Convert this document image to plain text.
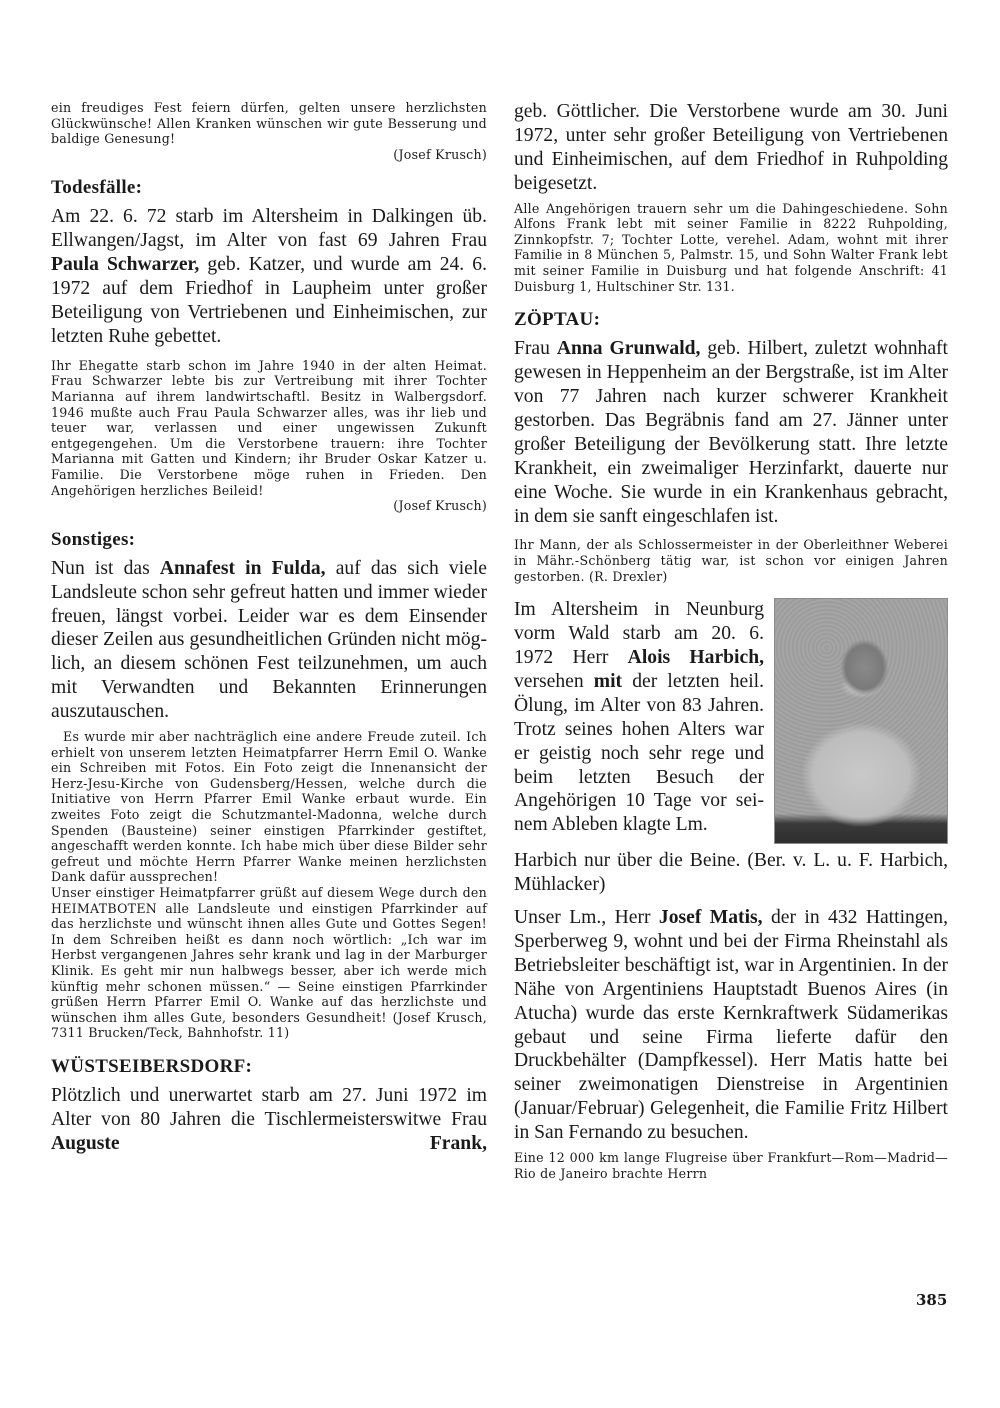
ein freudiges Fest feiern dürfen, gelten unsere herzlichsten Glückwünsche! Allen Kranken wünschen wir gute Besserung und baldige Genesung!

(Josef Krusch)

Todesfälle:

Am 22. 6. 72 starb im Altersheim in Dalkingen üb. Ellwangen/Jagst, im Alter von fast 69 Jahren Frau Paula Schwarzer, geb. Katzer, und wurde am 24. 6. 1972 auf dem Friedhof in Laupheim unter großer Beteiligung von Vertriebenen und Einheimischen, zur letzten Ruhe gebettet.

Ihr Ehegatte starb schon im Jahre 1940 in der alten Heimat. Frau Schwarzer lebte bis zur Vertreibung mit ihrer Tochter Marianna auf ihrem landwirtschaftl. Besitz in Walbergsdorf. 1946 mußte auch Frau Paula Schwarzer alles, was ihr lieb und teuer war, verlassen und einer ungewissen Zukunft entgegengehen. Um die Verstorbene trauern: ihre Tochter Marianna mit Gatten und Kindern; ihr Bruder Oskar Katzer u. Familie. Die Verstorbene möge ruhen in Frieden. Den Angehörigen herzliches Beileid!

(Josef Krusch)

Sonstiges:

Nun ist das Annafest in Fulda, auf das sich viele Landsleute schon sehr gefreut hatten und immer wieder freuen, längst vorbei. Leider war es dem Einsender dieser Zeilen aus gesundheitlichen Gründen nicht möglich, an diesem schönen Fest teilzunehmen, um auch mit Verwandten und Bekannten Erinnerungen auszutauschen.

Es wurde mir aber nachträglich eine andere Freude zuteil. Ich erhielt von unserem letzten Heimatpfarrer Herrn Emil O. Wanke ein Schreiben mit Fotos. Ein Foto zeigt die Innenansicht der Herz-Jesu-Kirche von Gudensberg/Hessen, welche durch die Initiative von Herrn Pfarrer Emil Wanke erbaut wurde. Ein zweites Foto zeigt die Schutzmantel-Madonna, welche durch Spenden (Bausteine) seiner einstigen Pfarrkinder gestiftet, angeschafft werden konnte. Ich habe mich über diese Bilder sehr gefreut und möchte Herrn Pfarrer Wanke meinen herzlichsten Dank dafür aussprechen!

Unser einstiger Heimatpfarrer grüßt auf diesem Wege durch den HEIMATBOTEN alle Landsleute und einstigen Pfarrkinder auf das herzlichste und wünscht ihnen alles Gute und Gottes Segen! In dem Schreiben heißt es dann noch wörtlich: „Ich war im Herbst vergangenen Jahres sehr krank und lag in der Marburger Klinik. Es geht mir nun halbwegs besser, aber ich werde mich künftig mehr schonen müssen.“ — Seine einstigen Pfarrkinder grüßen Herrn Pfarrer Emil O. Wanke auf das herzlichste und wünschen ihm alles Gute, besonders Gesundheit! (Josef Krusch, 7311 Brucken/Teck, Bahnhofstr. 11)

WÜSTSEIBERSDORF:

Plötzlich und unerwartet starb am 27. Juni 1972 im Alter von 80 Jahren die Tischlermeisterswitwe Frau Auguste Frank,

geb. Göttlicher. Die Verstorbene wurde am 30. Juni 1972, unter sehr großer Beteiligung von Vertriebenen und Einheimischen, auf dem Friedhof in Ruhpolding beigesetzt.

Alle Angehörigen trauern sehr um die Dahingeschiedene. Sohn Alfons Frank lebt mit seiner Familie in 8222 Ruhpolding, Zinnkopfstr. 7; Tochter Lotte, verehel. Adam, wohnt mit ihrer Familie in 8 München 5, Palmstr. 15, und Sohn Walter Frank lebt mit seiner Familie in Duisburg und hat folgende Anschrift: 41 Duisburg 1, Hultschiner Str. 131.

ZÖPTAU:

Frau Anna Grunwald, geb. Hilbert, zuletzt wohnhaft gewesen in Heppenheim an der Bergstraße, ist im Alter von 77 Jahren nach kurzer schwerer Krankheit gestorben. Das Begräbnis fand am 27. Jänner unter großer Beteiligung der Bevölkerung statt. Ihre letzte Krankheit, ein zweimaliger Herzinfarkt, dauerte nur eine Woche. Sie wurde in ein Krankenhaus gebracht, in dem sie sanft eingeschlafen ist.

Ihr Mann, der als Schlossermeister in der Oberleithner Weberei in Mähr.-Schönberg tätig war, ist schon vor einigen Jahren gestorben. (R. Drexler)

Im Altersheim in Neunburg vorm Wald starb am 20. 6. 1972 Herr Alois Harbich, versehen mit der letzten heil. Ölung, im Alter von 83 Jahren. Trotz seines hohen Alters war er geistig noch sehr rege und beim letzten Besuch der Angehörigen 10 Tage vor seinem Ableben klagte Lm.

Harbich nur über die Beine. (Ber. v. L. u. F. Harbich, Mühlacker)

Unser Lm., Herr Josef Matis, der in 432 Hattingen, Sperberweg 9, wohnt und bei der Firma Rheinstahl als Betriebsleiter beschäftigt ist, war in Argentinien. In der Nähe von Argentiniens Hauptstadt Buenos Aires (in Atucha) wurde das erste Kernkraftwerk Südamerikas gebaut und seine Firma lieferte dafür den Druckbehälter (Dampfkessel). Herr Matis hatte bei seiner zweimonatigen Dienstreise in Argentinien (Januar/Februar) Gelegenheit, die Familie Fritz Hilbert in San Fernando zu besuchen.

Eine 12 000 km lange Flugreise über Frankfurt—Rom—Madrid—Rio de Janeiro brachte Herrn

385
